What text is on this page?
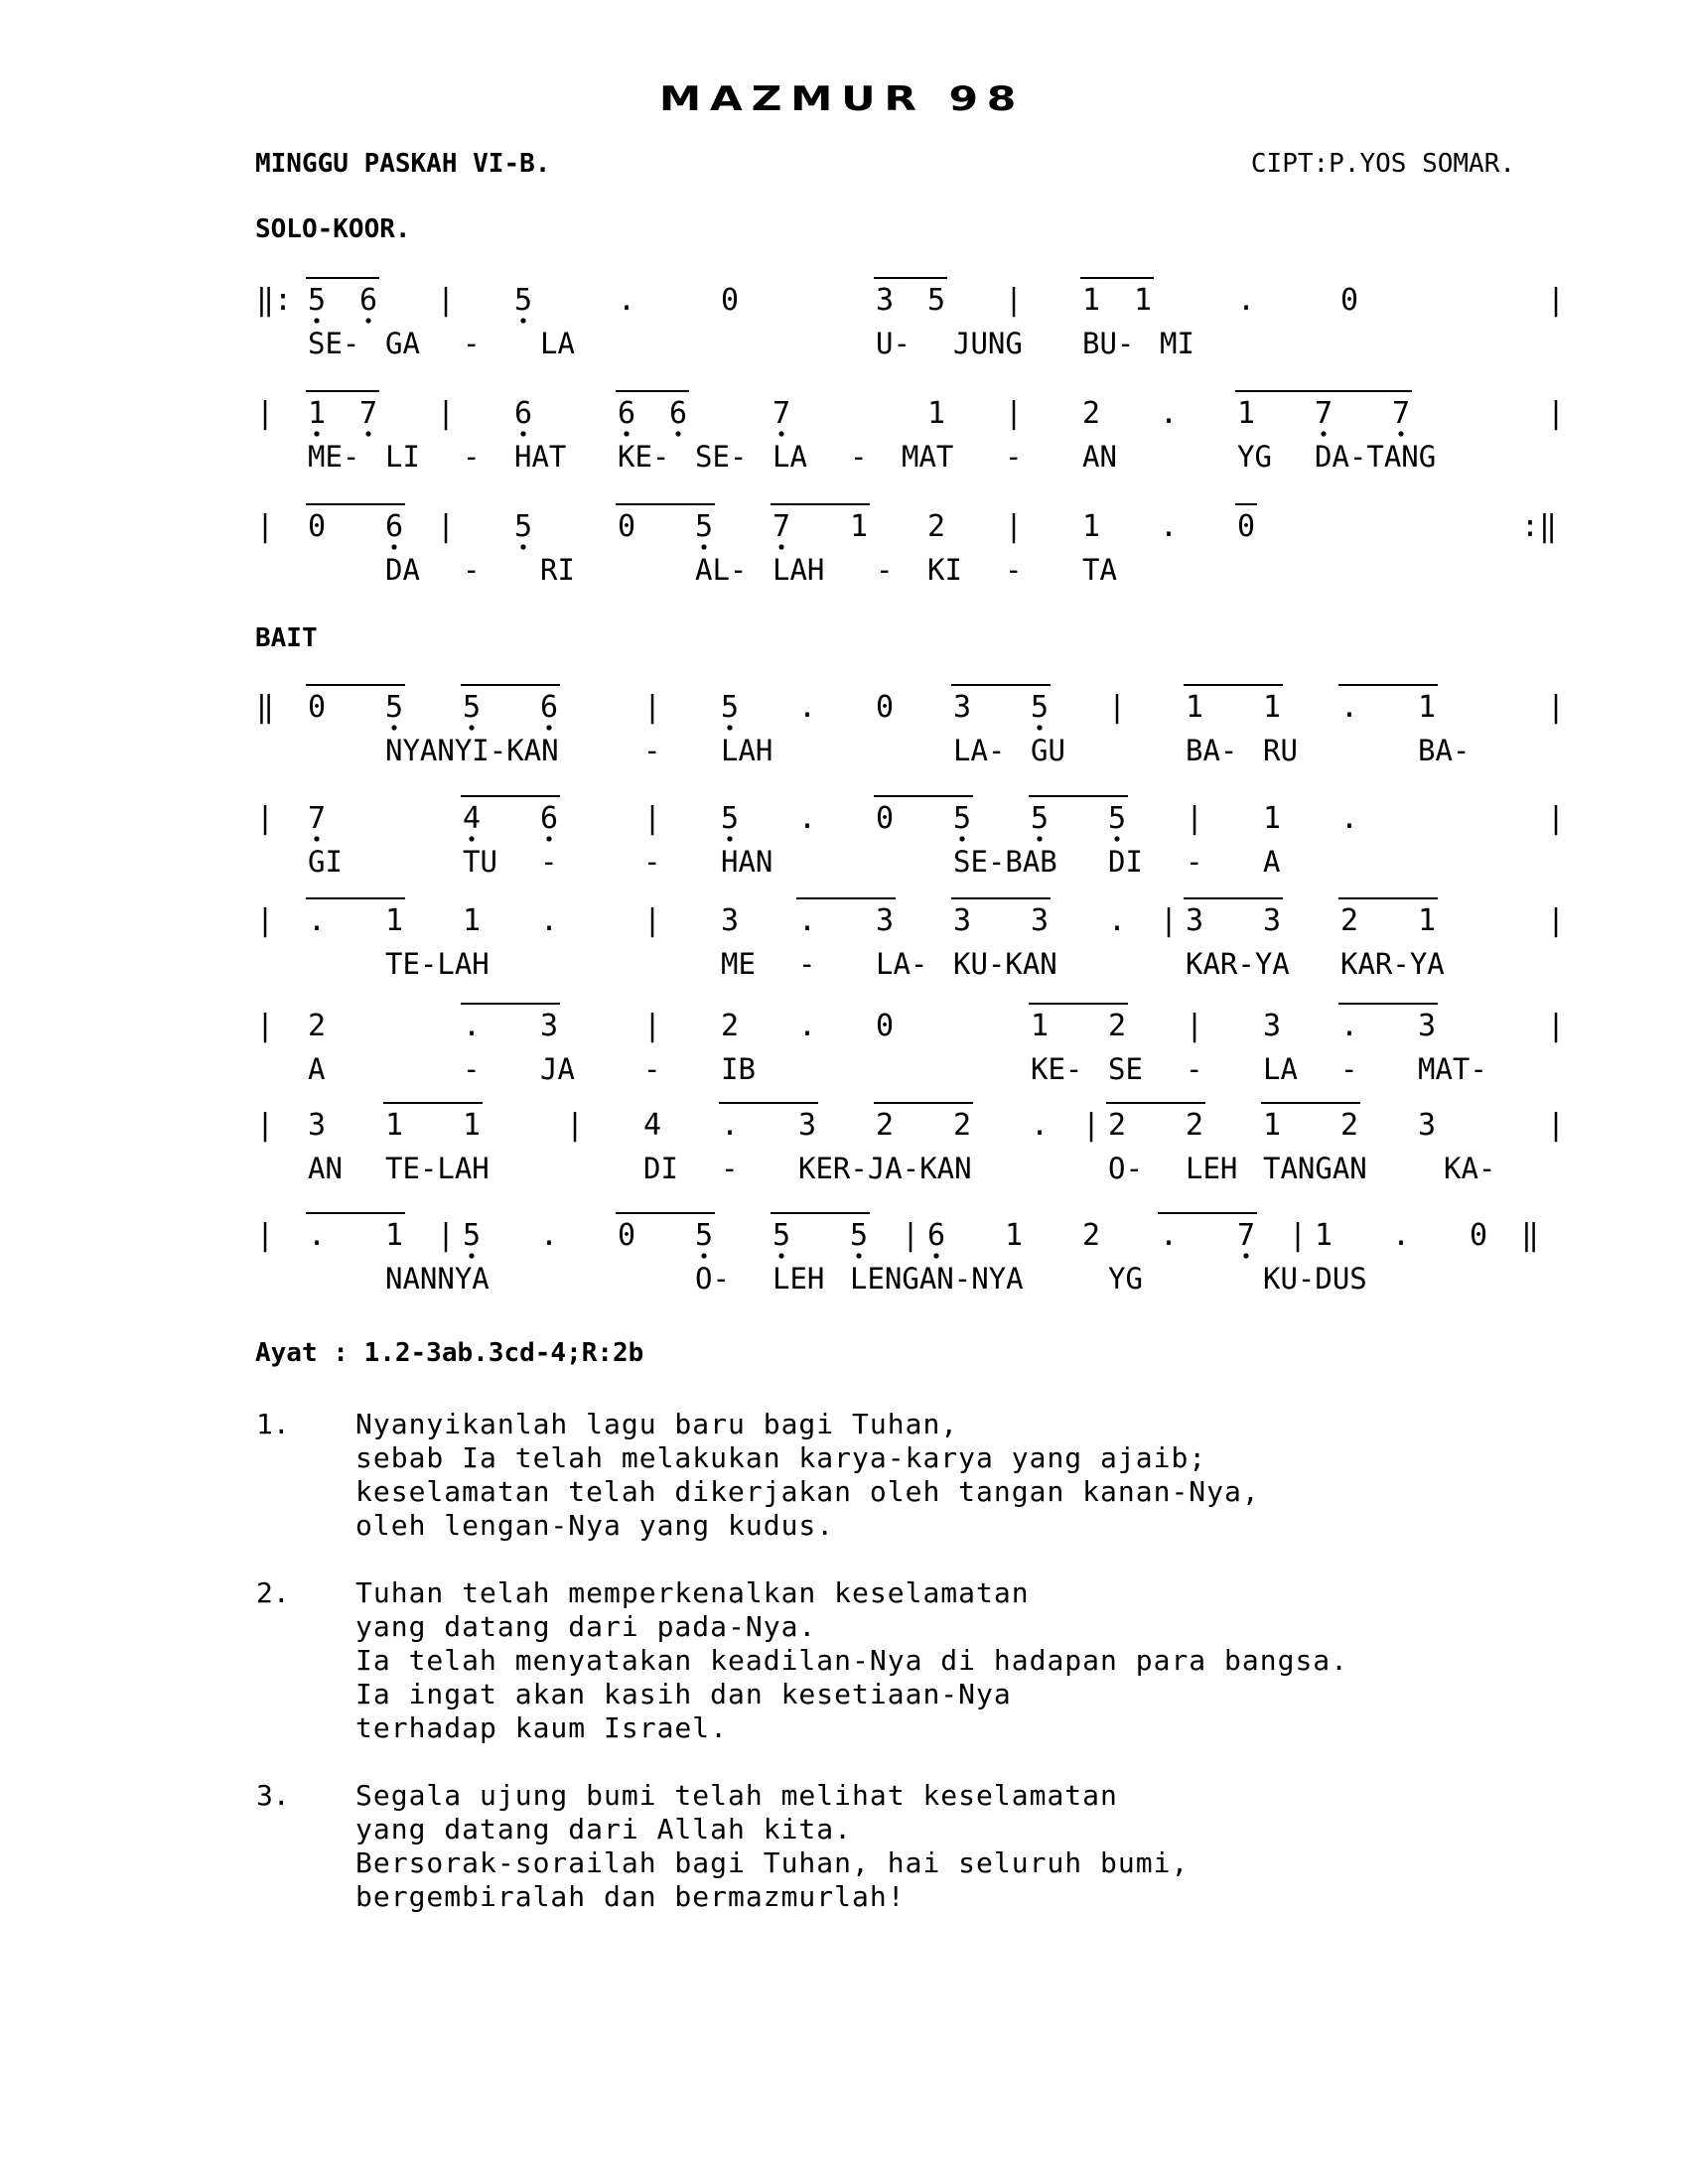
MAZMUR 98
MINGGU PASKAH VI-B.	CIPT:P.YOS SOMAR.
SOLO-KOOR.
BAIT
Ayat : 1.2-3ab.3cd-4;R:2b
‖: 5 6 | 5	.	0	3 5 | 1 1	.	0	|
SE- GA - LA	U- JUNG BU- MI
| 1 7 | 6	6 6	7	1 | 2 . 1 7 7	|
ME- LI - HAT KE- SE- LA - MAT - AN	YG DA-TANG
| 0 6 | 5	0 5 7 1 2 | 1 . 0	:‖
DA - RI	AL- LAH - KI - TA
‖ 0 5 5 6	| 5 . 0 3 5 | 1 1 . 1	|
NYANYI-KAN	- LAH	LA- GU	BA- RU	BA-
| 7	4 6	| 5 . 0 5 5 5 | 1 .	|
GI	TU -	- HAN	SE-BAB DI - A
| . 1 1 .	| 3 . 3 3 3 . | 3 3 2 1	|
TE-LAH	ME - LA- KU-KAN	KAR-YA KAR-YA
| 2	. 3	| 2 . 0	1 2 | 3 . 3	|
A	- JA - IB	KE- SE - LA - MAT-
| 3 1 1	| 4 . 3 2 2 . | 2 2 1 2 3	|
AN TE-LAH	DI - KER-JA-KAN	O- LEH TANGAN	KA-
| . 1 | 5 . 0 5 5 5 | 6 1 2 . 7 | 1 . 0 ‖
NANNYA	O- LEH LENGAN-NYA	YG	KU-DUS
1. Nyanyikanlah lagu baru bagi Tuhan,
sebab Ia telah melakukan karya-karya yang ajaib;
keselamatan telah dikerjakan oleh tangan kanan-Nya,
oleh lengan-Nya yang kudus.
2. Tuhan telah memperkenalkan keselamatan
yang datang dari pada-Nya.
Ia telah menyatakan keadilan-Nya di hadapan para bangsa.
Ia ingat akan kasih dan kesetiaan-Nya
terhadap kaum Israel.
3. Segala ujung bumi telah melihat keselamatan
yang datang dari Allah kita.
Bersorak-sorailah bagi Tuhan, hai seluruh bumi,
bergembiralah dan bermazmurlah!
